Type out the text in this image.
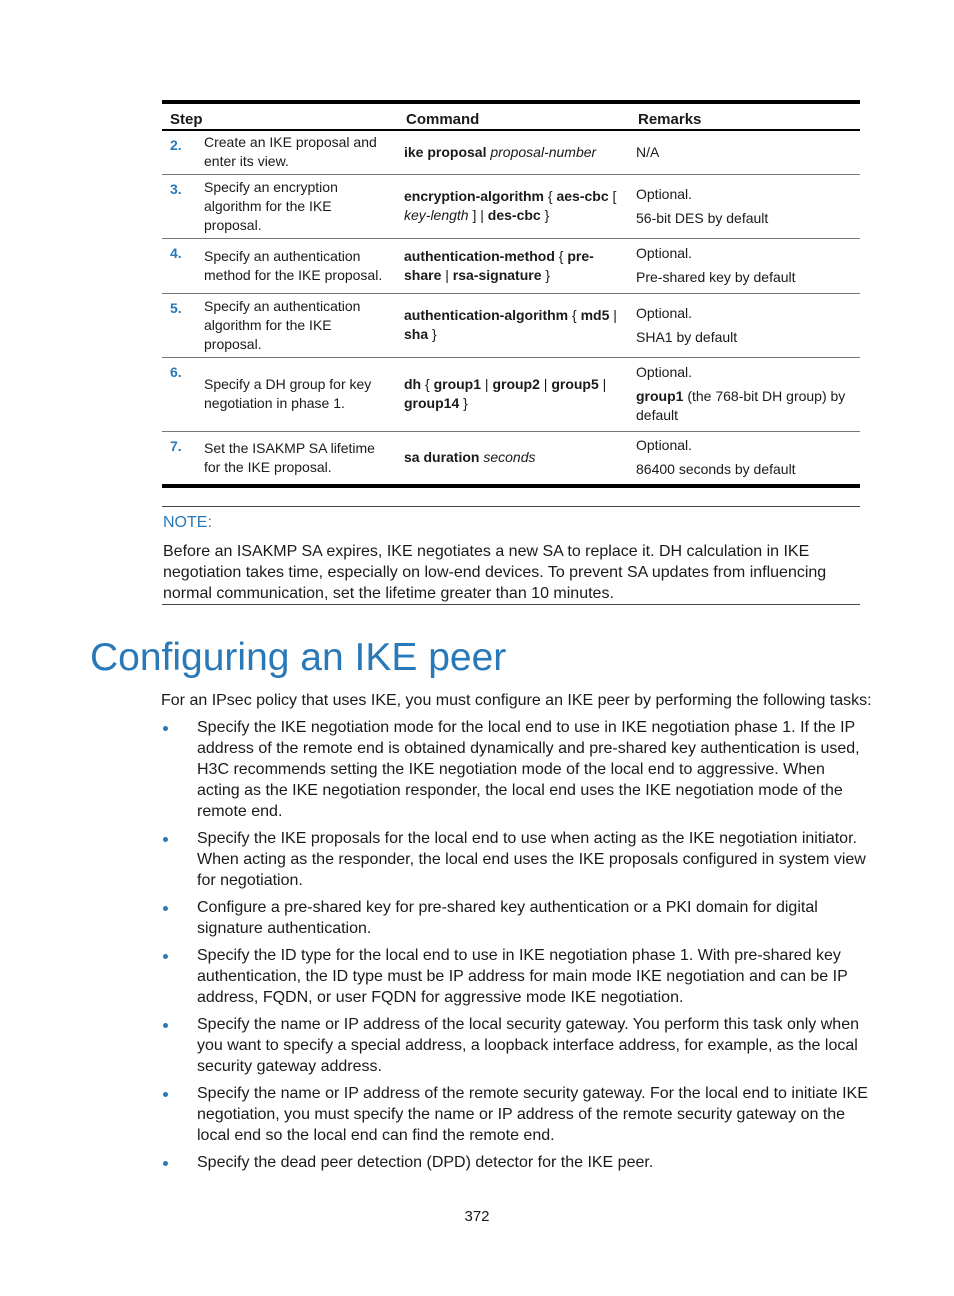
Step		Command	Remarks
2.	Create an IKE proposal and enter its view.	ike proposal proposal-number	N/A

3.	Specify an encryption algorithm for the IKE proposal.	encryption-algorithm { aes-cbc [ key-length ] | des-cbc }	Optional.

56-bit DES by default

4.	Specify an authentication method for the IKE proposal.	authentication-method { pre-share | rsa-signature }	Optional.

Pre-shared key by default

5.	Specify an authentication algorithm for the IKE proposal.	authentication-algorithm { md5 | sha }	Optional.

SHA1 by default

6.	Specify a DH group for key negotiation in phase 1.	dh { group1 | group2 | group5 | group14 }	Optional.

group1 (the 768-bit DH group) by default

7.	Set the ISAKMP SA lifetime for the IKE proposal.	sa duration seconds	Optional.

86400 seconds by default

NOTE:

Before an ISAKMP SA expires, IKE negotiates a new SA to replace it. DH calculation in IKE negotiation takes time, especially on low-end devices. To prevent SA updates from influencing normal communication, set the lifetime greater than 10 minutes.

Configuring an IKE peer

For an IPsec policy that uses IKE, you must configure an IKE peer by performing the following tasks:

Specify the IKE negotiation mode for the local end to use in IKE negotiation phase 1. If the IP address of the remote end is obtained dynamically and pre-shared key authentication is used, H3C recommends setting the IKE negotiation mode of the local end to aggressive. When acting as the IKE negotiation responder, the local end uses the IKE negotiation mode of the remote end.
Specify the IKE proposals for the local end to use when acting as the IKE negotiation initiator. When acting as the responder, the local end uses the IKE proposals configured in system view for negotiation.
Configure a pre-shared key for pre-shared key authentication or a PKI domain for digital signature authentication.
Specify the ID type for the local end to use in IKE negotiation phase 1. With pre-shared key authentication, the ID type must be IP address for main mode IKE negotiation and can be IP address, FQDN, or user FQDN for aggressive mode IKE negotiation.
Specify the name or IP address of the local security gateway. You perform this task only when you want to specify a special address, a loopback interface address, for example, as the local security gateway address.
Specify the name or IP address of the remote security gateway. For the local end to initiate IKE negotiation, you must specify the name or IP address of the remote security gateway on the local end so the local end can find the remote end.
Specify the dead peer detection (DPD) detector for the IKE peer.
372
